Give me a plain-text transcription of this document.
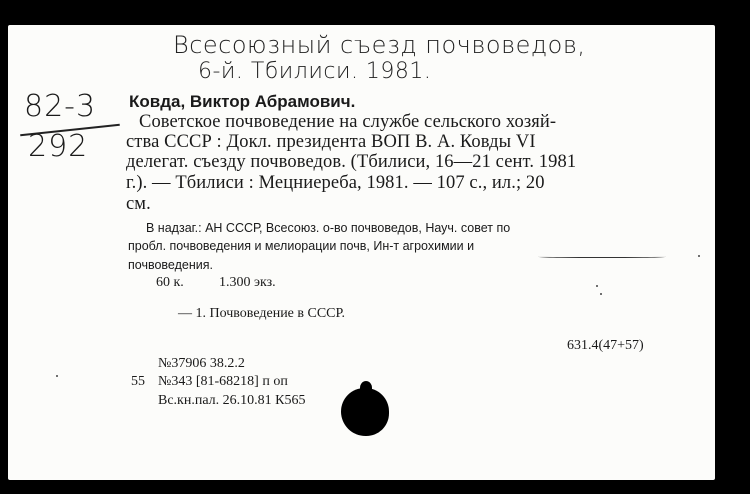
Всесоюзный съезд почвоведов,
6-й. Тбилиси. 1981.
82-3
292
Ковда, Виктор Абрамович.
Советское почвоведение на службе сельского хозяй-
ства СССР : Докл. президента ВОП В. А. Ковды VI
делегат. съезду почвоведов. (Тбилиси, 16—21 сент. 1981
г.). — Тбилиси : Мецниереба, 1981. — 107 с., ил.; 20
см.
В надзаг.: АН СССР, Всесоюз. о-во почвоведов, Науч. совет по
пробл. почвоведения и мелиорации почв, Ин-т агрохимии и
почвоведения.
60 к.	1.300 экз.
— 1. Почвоведение в СССР.
631.4(47+57)
№37906 38.2.2
55 №343 [81-68218] п оп
Вс.кн.пал. 26.10.81 К565
